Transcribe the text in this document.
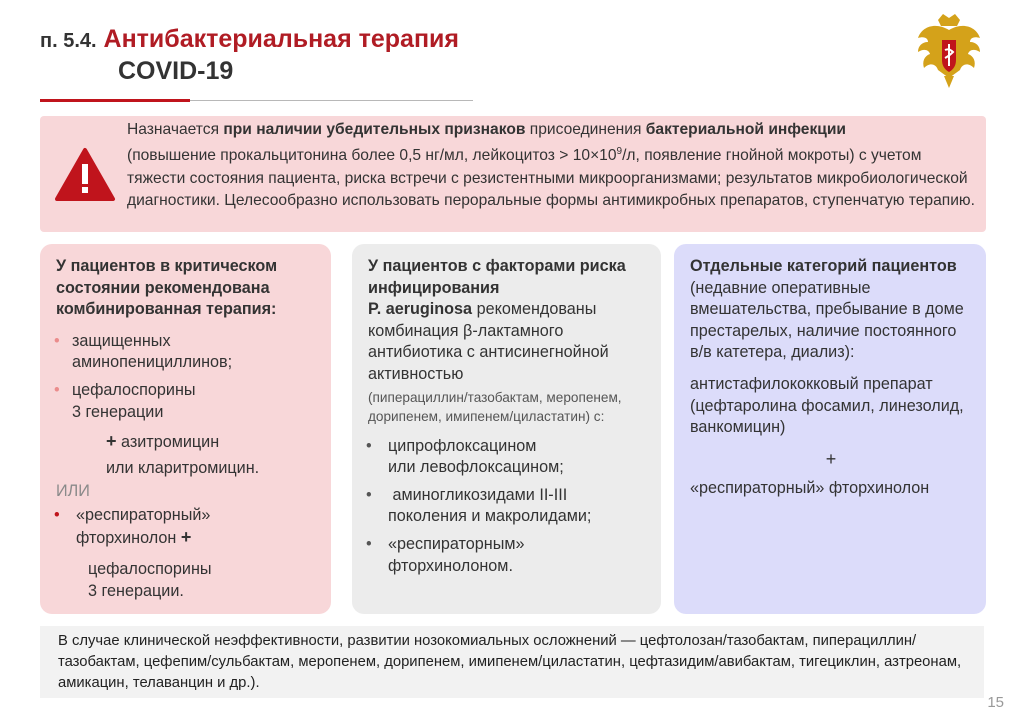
п. 5.4. Антибактериальная терапия
COVID-19
Назначается при наличии убедительных признаков присоединения бактериальной инфекции
(повышение прокальцитонина более 0,5 нг/мл, лейкоцитоз > $10\times 10^9/л$, появление гнойной мокроты) с учетом тяжести состояния пациента, риска встречи с резистентными микроорганизмами; результатов микробиологической диагностики. Целесообразно использовать пероральные формы антимикробных препаратов, ступенчатую терапию.
У пациентов в критическом состоянии рекомендована комбинированная терапия:
• защищенных аминопенициллинов;
• цефалоспорины
3 генерации
+ азитромицин
или кларитромицин.
ИЛИ
• «респираторный»
фторхинолон +
цефалоспорины
3 генерации.
У пациентов с факторами риска инфицирования
P. aeruginosa рекомендованы комбинация β-лактамного антибиотика с антисинегнойной активностью
(пиперациллин/тазобактам, меропенем, дорипенем, имипенем/циластатин) с:
• ципрофлоксацином
или левофлоксацином;
• аминогликозидами II-III
поколения и макролидами;
• «респираторным»
фторхинолоном.
Отдельные категорий пациентов
(недавние оперативные вмешательства, пребывание в доме престарелых, наличие постоянного в/в катетера, диализ):
антистафилококковый препарат (цефтаролина фосамил, линезолид, ванкомицин)
+
«респираторный» фторхинолон
В случае клинической неэффективности, развитии нозокомиальных осложнений — цефтолозан/тазобактам, пиперациллин/тазобактам, цефепим/сульбактам, меропенем, дорипенем, имипенем/циластатин, цефтазидим/авибактам, тигециклин, азтреонам, амикацин, телаванцин и др.).
15
